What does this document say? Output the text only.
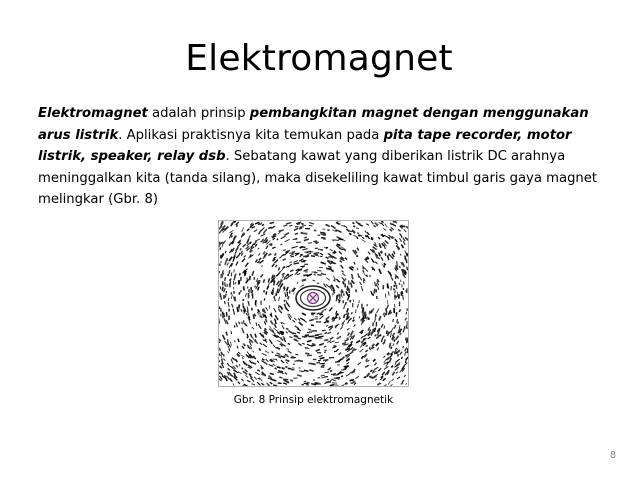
Elektromagnet
Elektromagnet adalah prinsip pembangkitan magnet dengan menggunakan arus listrik. Aplikasi praktisnya kita temukan pada pita tape recorder, motor listrik, speaker, relay dsb. Sebatang kawat yang diberikan listrik DC arahnya meninggalkan kita (tanda silang), maka disekeliling kawat timbul garis gaya magnet melingkar (Gbr. 8)
Gbr. 8 Prinsip elektromagnetik
8
